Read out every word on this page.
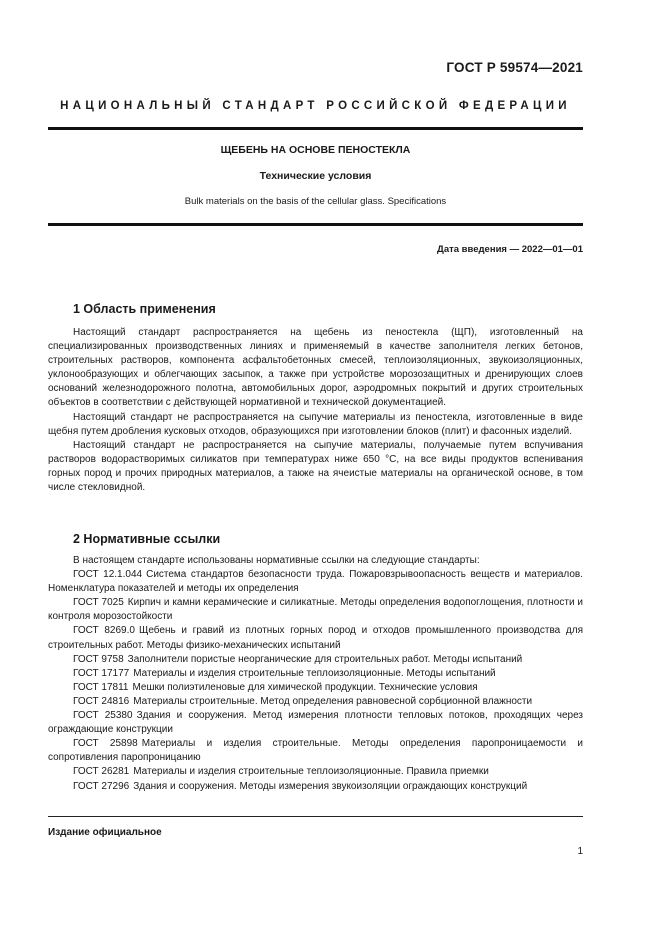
ГОСТ Р 59574—2021
НАЦИОНАЛЬНЫЙ СТАНДАРТ РОССИЙСКОЙ ФЕДЕРАЦИИ
ЩЕБЕНЬ НА ОСНОВЕ ПЕНОСТЕКЛА
Технические условия
Bulk materials on the basis of the cellular glass. Specifications
Дата введения — 2022—01—01
1 Область применения

Настоящий стандарт распространяется на щебень из пеностекла (ЩП), изготовленный на специализированных производственных линиях и применяемый в качестве заполнителя легких бетонов, строительных растворов, компонента асфальтобетонных смесей, теплоизоляционных, звукоизоляционных, уклонообразующих и облегчающих засыпок, а также при устройстве морозозащитных и дренирующих слоев оснований железнодорожного полотна, автомобильных дорог, аэродромных покрытий и других строительных объектов в соответствии с действующей нормативной и технической документацией.

Настоящий стандарт не распространяется на сыпучие материалы из пеностекла, изготовленные в виде щебня путем дробления кусковых отходов, образующихся при изготовлении блоков (плит) и фасонных изделий.

Настоящий стандарт не распространяется на сыпучие материалы, получаемые путем вспучивания растворов водорастворимых силикатов при температурах ниже 650 °С, на все виды продуктов вспенивания горных пород и прочих природных материалов, а также на ячеистые материалы на органической основе, в том числе стекловидной.

2 Нормативные ссылки

В настоящем стандарте использованы нормативные ссылки на следующие стандарты:

ГОСТ 12.1.044 Система стандартов безопасности труда. Пожаровзрывоопасность веществ и материалов. Номенклатура показателей и методы их определения

ГОСТ 7025 Кирпич и камни керамические и силикатные. Методы определения водопоглощения, плотности и контроля морозостойкости

ГОСТ 8269.0 Щебень и гравий из плотных горных пород и отходов промышленного производства для строительных работ. Методы физико-механических испытаний

ГОСТ 9758 Заполнители пористые неорганические для строительных работ. Методы испытаний

ГОСТ 17177 Материалы и изделия строительные теплоизоляционные. Методы испытаний

ГОСТ 17811 Мешки полиэтиленовые для химической продукции. Технические условия

ГОСТ 24816 Материалы строительные. Метод определения равновесной сорбционной влажности

ГОСТ 25380 Здания и сооружения. Метод измерения плотности тепловых потоков, проходящих через ограждающие конструкции

ГОСТ 25898 Материалы и изделия строительные. Методы определения паропроницаемости и сопротивления паропроницанию

ГОСТ 26281 Материалы и изделия строительные теплоизоляционные. Правила приемки

ГОСТ 27296 Здания и сооружения. Методы измерения звукоизоляции ограждающих конструкций

Издание официальное
1
